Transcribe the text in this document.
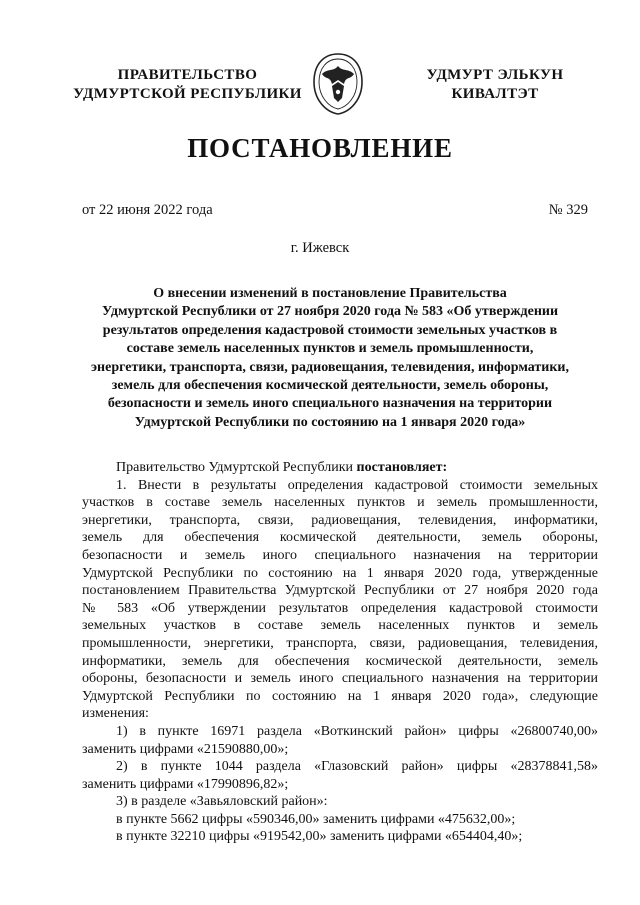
ПРАВИТЕЛЬСТВО
УДМУРТСКОЙ РЕСПУБЛИКИ
УДМУРТ ЭЛЬКУН
КИВАЛТЭТ
ПОСТАНОВЛЕНИЕ
от 22 июня 2022 года	№ 329
г. Ижевск
О внесении изменений в постановление Правительства
Удмуртской Республики от 27 ноября 2020 года № 583 «Об утверждении
результатов определения кадастровой стоимости земельных участков в
составе земель населенных пунктов и земель промышленности,
энергетики, транспорта, связи, радиовещания, телевидения, информатики,
земель для обеспечения космической деятельности, земель обороны,
безопасности и земель иного специального назначения на территории
Удмуртской Республики по состоянию на 1 января 2020 года»
Правительство Удмуртской Республики постановляет:
1. Внести в результаты определения кадастровой стоимости земельных
участков в составе земель населенных пунктов и земель промышленности,
энергетики, транспорта, связи, радиовещания, телевидения, информатики,
земель для обеспечения космической деятельности, земель обороны,
безопасности и земель иного специального назначения на территории
Удмуртской Республики по состоянию на 1 января 2020 года, утвержденные
постановлением Правительства Удмуртской Республики от 27 ноября 2020 года
№ 583 «Об утверждении результатов определения кадастровой стоимости
земельных участков в составе земель населенных пунктов и земель
промышленности, энергетики, транспорта, связи, радиовещания, телевидения,
информатики, земель для обеспечения космической деятельности, земель
обороны, безопасности и земель иного специального назначения на территории
Удмуртской Республики по состоянию на 1 января 2020 года», следующие
изменения:
1) в пункте 16971 раздела «Воткинский район» цифры «26800740,00»
заменить цифрами «21590880,00»;
2) в пункте 1044 раздела «Глазовский район» цифры «28378841,58»
заменить цифрами «17990896,82»;
3) в разделе «Завьяловский район»:
в пункте 5662 цифры «590346,00» заменить цифрами «475632,00»;
в пункте 32210 цифры «919542,00» заменить цифрами «654404,40»;
